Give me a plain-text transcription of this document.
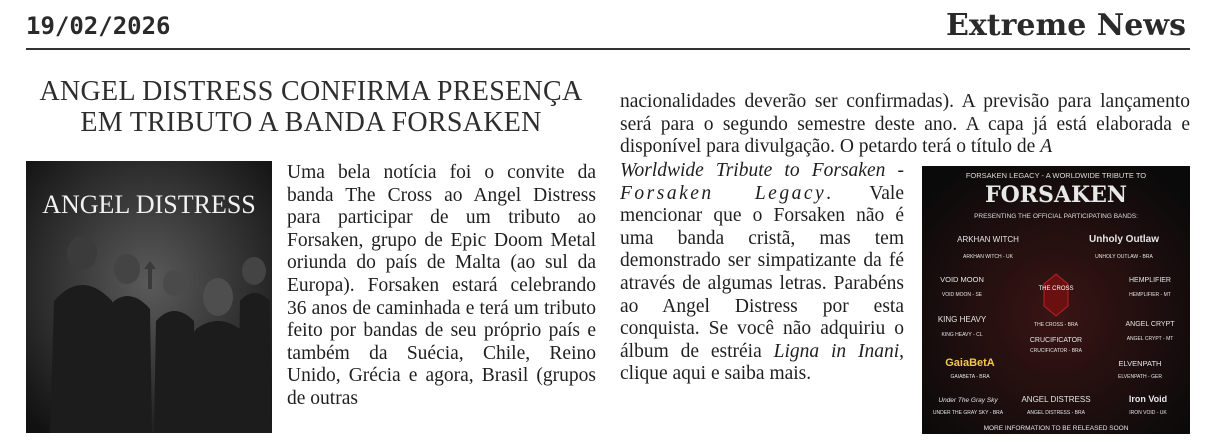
19/02/2026	Extreme News
ANGEL DISTRESS CONFIRMA PRESENÇA
EM TRIBUTO A BANDA FORSAKEN
ANGEL DISTRESS
Uma bela notícia foi o convite da banda The Cross ao Angel Distress para participar de um tributo ao Forsaken, grupo de Epic Doom Metal oriunda do país de Malta (ao sul da Europa). Forsaken estará celebrando 36 anos de caminhada e terá um tributo feito por bandas de seu próprio país e também da Suécia, Chile, Reino Unido, Grécia e agora, Brasil (grupos de outras
nacionalidades deverão ser confirmadas). A previsão para lançamento será para o segundo semestre deste ano. A capa já está elaborada e disponível para divulgação. O petardo terá o título de A
Worldwide Tribute to Forsaken - Forsaken Legacy. Vale mencionar que o Forsaken não é uma banda cristã, mas tem demonstrado ser simpatizante da fé através de algumas letras. Parabéns ao Angel Distress por esta conquista. Se você não adquiriu o álbum de estréia Ligna in Inani, clique aqui e saiba mais.
FORSAKEN LEGACY - A WORLDWIDE TRIBUTE TO
FORSAKEN
PRESENTING THE OFFICIAL PARTICIPATING BANDS:
ARKHAN WITCH
ARKHAN WITCH - UK
Unholy Outlaw
UNHOLY OUTLAW - BRA
VOID MOON
VOID MOON - SE
HEMPLIFIER
HEMPLIFIER - MT
THE CROSS
THE CROSS - BRA
KING HEAVY
KING HEAVY - CL
CRUCIFICATOR
CRUCIFICATOR - BRA
ANGEL CRYPT
ANGEL CRYPT - MT
GaiaBetA
GAIABETA - BRA
ELVENPATH
ELVENPATH - GER
Under The Gray Sky
UNDER THE GRAY SKY - BRA
ANGEL DISTRESS
ANGEL DISTRESS - BRA
Iron Void
IRON VOID - UK
MORE INFORMATION TO BE RELEASED SOON
